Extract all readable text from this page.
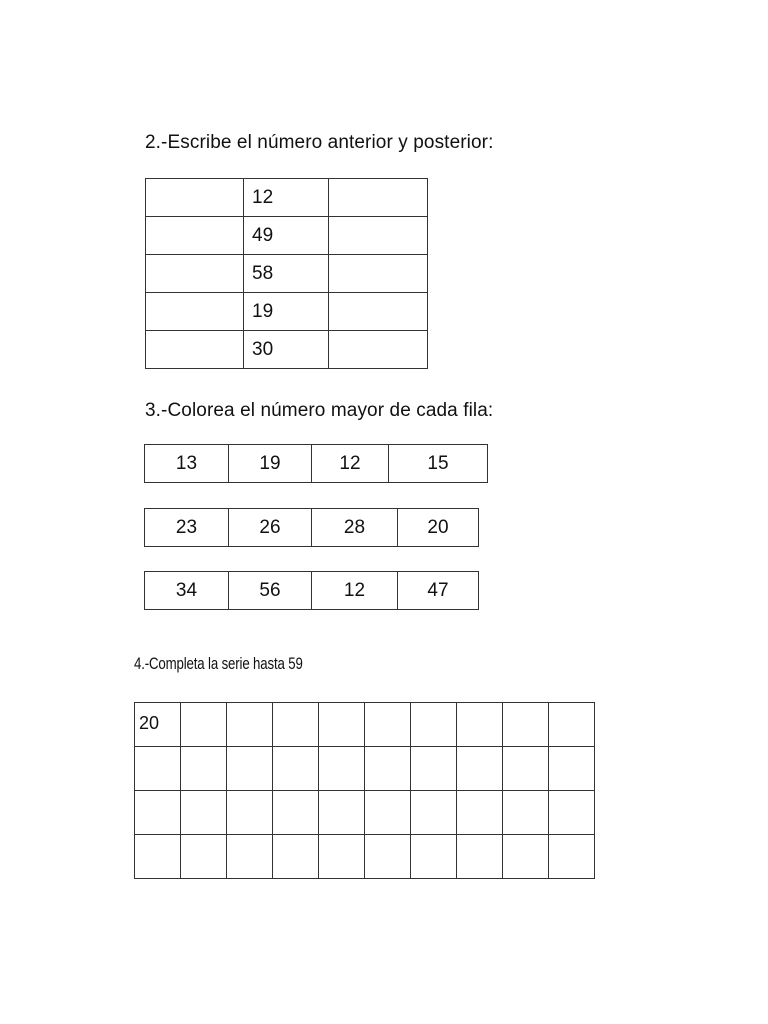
2.-Escribe el número anterior y posterior:
	12	
	49	
	58	
	19	
	30	
3.-Colorea el número mayor de cada fila:
13	19	12	15
23	26	28	20
34	56	12	47
4.-Completa la serie hasta 59
20									
